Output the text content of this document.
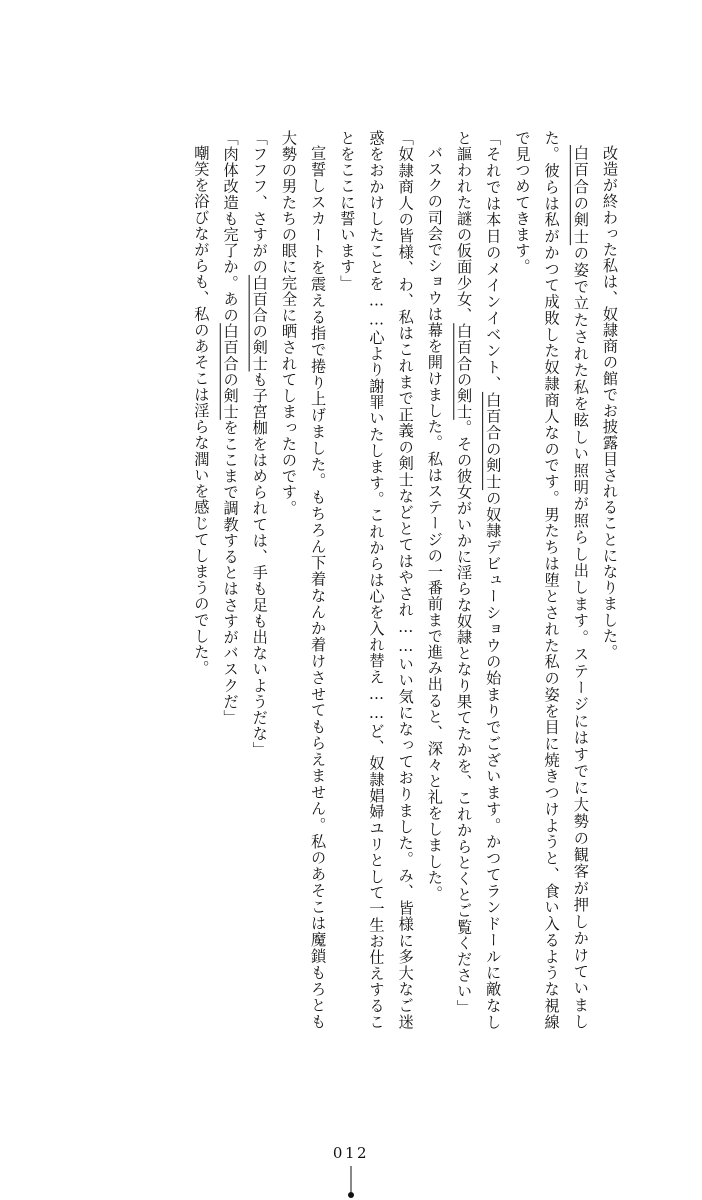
改造が終わった私は、奴隷商の館でお披露目されることになりました。

白百合の剣士の姿で立たされた私を眩しい照明が照らし出します。ステージにはすでに大勢の観客が押しかけていました。彼らは私がかつて成敗した奴隷商人なのです。男たちは堕とされた私の姿を目に焼きつけようと、食い入るような視線で見つめてきます。

「それでは本日のメインイベント、白百合の剣士の奴隷デビューショウの始まりでございます。かつてランドールに敵なしと謳われた謎の仮面少女、白百合の剣士。その彼女がいかに淫らな奴隷となり果てたかを、これからとくとご覧ください」

バスクの司会でショウは幕を開けました。私はステージの一番前まで進み出ると、深々と礼をしました。

「奴隷商人の皆様、わ、私はこれまで正義の剣士などとてはやされ……いい気になっておりました。み、皆様に多大なご迷惑をおかけしたことを……心より謝罪いたします。これからは心を入れ替え……ど、奴隷娼婦ユリとして一生お仕えすることをここに誓います」

宣誓しスカートを震える指で捲り上げました。もちろん下着なんか着けさせてもらえません。私のあそこは魔鎖もろとも大勢の男たちの眼に完全に晒されてしまったのです。

「フフフ、さすがの白百合の剣士も子宮枷をはめられては、手も足も出ないようだな」

「肉体改造も完了か。あの白百合の剣士をここまで調教するとはさすがバスクだ」

嘲笑を浴びながらも、私のあそこは淫らな潤いを感じてしまうのでした。

012
